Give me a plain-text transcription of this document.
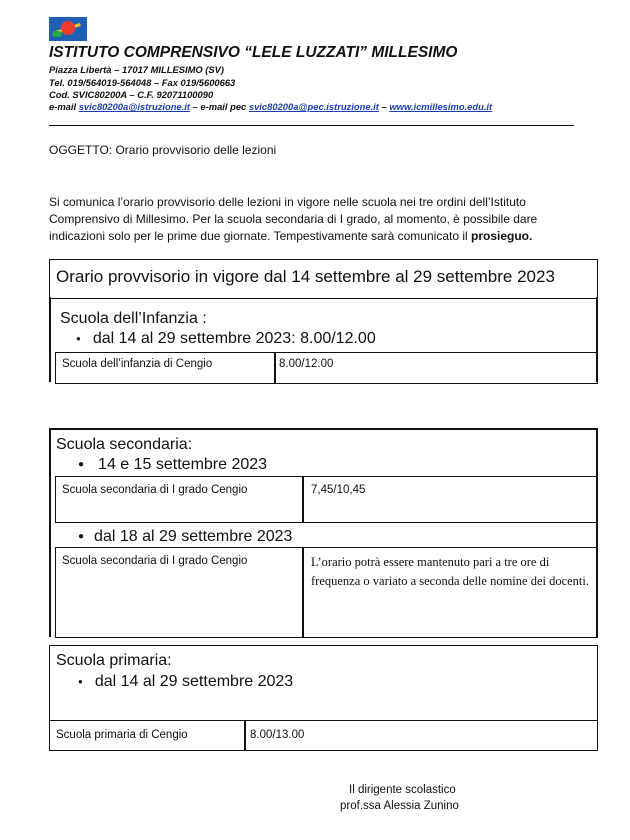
ISTITUTO COMPRENSIVO “LELE LUZZATI” MILLESIMO
Piazza Libertà – 17017 MILLESIMO (SV)
Tel. 019/564019-564048 – Fax 019/5600663
Cod. SVIC80200A – C.F. 92071100090
e-mail svic80200a@istruzione.it – e-mail pec svic80200a@pec.istruzione.it – www.icmillesimo.edu.it
OGGETTO: Orario provvisorio delle lezioni
Si comunica l’orario provvisorio delle lezioni in vigore nelle scuola nei tre ordini dell’Istituto
Comprensivo di Millesimo. Per la scuola secondaria di I grado, al momento, è possibile dare
indicazioni solo per le prime due giornate. Tempestivamente sarà comunicato il prosieguo.
Orario provvisorio in vigore dal 14 settembre al 29 settembre 2023
Scuola dell’Infanzia :
● dal 14 al 29 settembre 2023: 8.00/12.00
Scuola dell’infanzia di Cengio	8.00/12.00
Scuola secondaria:
● 14 e 15 settembre 2023
Scuola secondaria di I grado Cengio	7,45/10,45
● dal 18 al 29 settembre 2023
Scuola secondaria di I grado Cengio	L’orario potrà essere mantenuto pari a tre ore di frequenza o variato a seconda delle nomine dei docenti.
Scuola primaria:
● dal 14 al 29 settembre 2023
Scuola primaria di Cengio	8.00/13.00
Il dirigente scolastico
prof.ssa Alessia Zunino
